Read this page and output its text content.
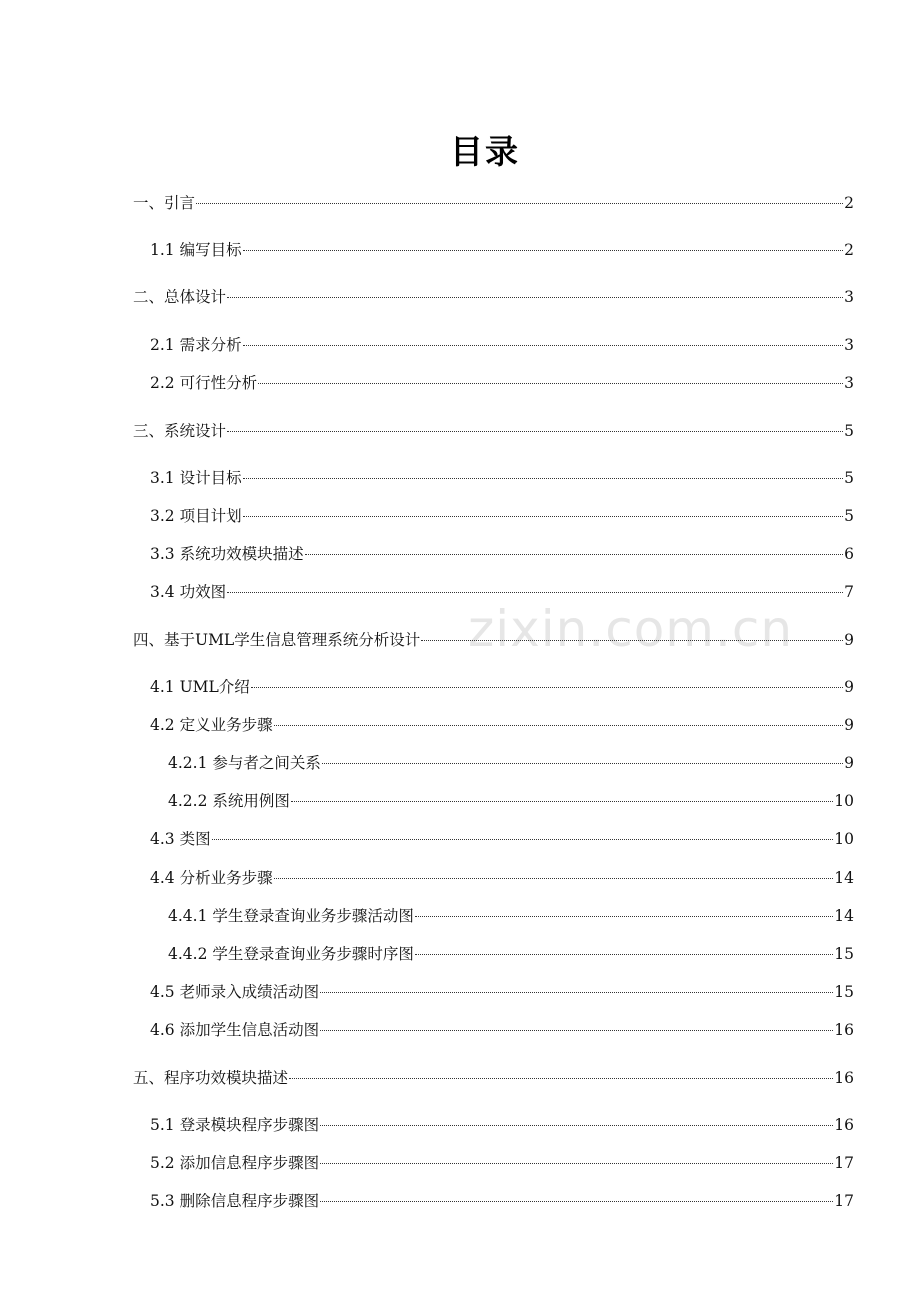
目录
zixin.com.cn
一、引言	2
1.1 编写目标	2
二、总体设计	3
2.1 需求分析	3
2.2 可行性分析	3
三、系统设计	5
3.1 设计目标	5
3.2 项目计划	5
3.3 系统功效模块描述	6
3.4 功效图	7
四、基于UML学生信息管理系统分析设计	9
4.1 UML介绍	9
4.2 定义业务步骤	9
4.2.1 参与者之间关系	9
4.2.2 系统用例图	10
4.3 类图	10
4.4 分析业务步骤	14
4.4.1 学生登录查询业务步骤活动图	14
4.4.2 学生登录查询业务步骤时序图	15
4.5 老师录入成绩活动图	15
4.6 添加学生信息活动图	16
五、程序功效模块描述	16
5.1 登录模块程序步骤图	16
5.2 添加信息程序步骤图	17
5.3 删除信息程序步骤图	17
